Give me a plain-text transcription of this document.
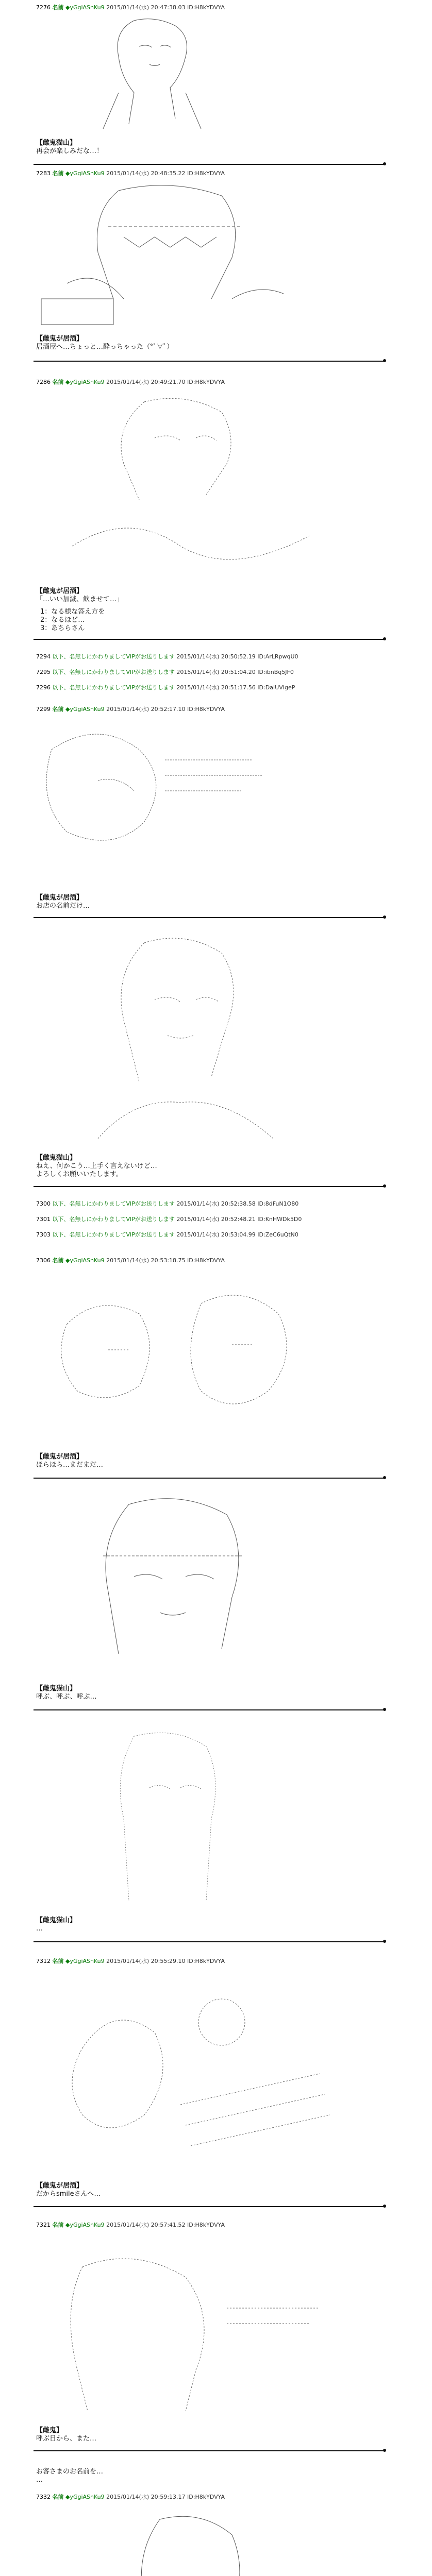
7276 名前 ◆yGgiASnKu9 2015/01/14(水) 20:47:38.03 ID:H8kYDVYA
【雌鬼猫山】
再会が楽しみだな…！
【雌鬼が居酒】
居酒屋へ…ちょっと…酔っちゃった（*ﾟ∀ﾟ）
7286 名前 ◆yGgiASnKu9 2015/01/14(水) 20:49:21.70 ID:H8kYDVYA
【雌鬼が居酒】
「…いい加減、飲ませて…」
1：なる様な答え方を
2：なるほど…
3：あちらさん
7294 以下、名無しにかわりましてVIPがお送りします 2015/01/14(水) 20:50:52.19 ID:ArLRpwqU0
7295 以下、名無しにかわりましてVIPがお送りします 2015/01/14(水) 20:51:04.20 ID:ibnBq5JF0
7296 以下、名無しにかわりましてVIPがお送りします 2015/01/14(水) 20:51:17.56 ID:DaIUVIgeP
7299 名前 ◆yGgiASnKu9 2015/01/14(水) 20:52:17.10 ID:H8kYDVYA
【雌鬼が居酒】
お店の名前だけ…
【雌鬼猫山】
ねえ、何かこう…上手く言えないけど…
よろしくお願いいたします。
7300 以下、名無しにかわりましてVIPがお送りします 2015/01/14(水) 20:52:38.58 ID:8dFuN1O80
7301 以下、名無しにかわりましてVIPがお送りします 2015/01/14(水) 20:52:48.21 ID:KnHWDk5D0
7303 以下、名無しにかわりましてVIPがお送りします 2015/01/14(水) 20:53:04.99 ID:ZeC6uQtN0
7306 名前 ◆yGgiASnKu9 2015/01/14(水) 20:53:18.75 ID:H8kYDVYA
【雌鬼が居酒】
ほらほら…まだまだ…
【雌鬼猫山】
呼ぶ、呼ぶ、呼ぶ…
【雌鬼猫山】
…
7312 名前 ◆yGgiASnKu9 2015/01/14(水) 20:55:29.10 ID:H8kYDVYA
【雌鬼が居酒】
だからsmileさんへ…
7321 名前 ◆yGgiASnKu9 2015/01/14(水) 20:57:41.52 ID:H8kYDVYA
【雌鬼】
呼ぶ日から、また…
お客さまのお名前を…
…
7332 名前 ◆yGgiASnKu9 2015/01/14(水) 20:59:13.17 ID:H8kYDVYA
7283 名前 ◆yGgiASnKu9 2015/01/14(水) 20:48:35.22 ID:H8kYDVYA
